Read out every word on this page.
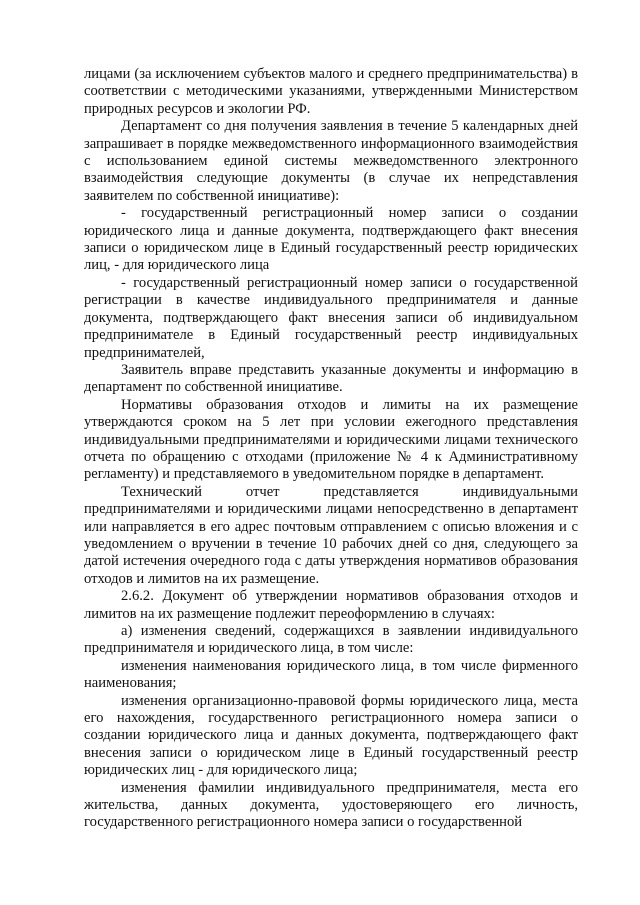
лицами (за исключением субъектов малого и среднего предпринимательства) в соответствии с методическими указаниями, утвержденными Министерством природных ресурсов и экологии РФ.

Департамент со дня получения заявления в течение 5 календарных дней запрашивает в порядке межведомственного информационного взаимодействия с использованием единой системы межведомственного электронного взаимодействия следующие документы (в случае их непредставления заявителем по собственной инициативе):

- государственный регистрационный номер записи о создании юридического лица и данные документа, подтверждающего факт внесения записи о юридическом лице в Единый государственный реестр юридических лиц, - для юридического лица

- государственный регистрационный номер записи о государственной регистрации в качестве индивидуального предпринимателя и данные документа, подтверждающего факт внесения записи об индивидуальном предпринимателе в Единый государственный реестр индивидуальных предпринимателей,

Заявитель вправе представить указанные документы и информацию в департамент по собственной инициативе.

Нормативы образования отходов и лимиты на их размещение утверждаются сроком на 5 лет при условии ежегодного представления индивидуальными предпринимателями и юридическими лицами технического отчета по обращению с отходами (приложение № 4 к Административному регламенту) и представляемого в уведомительном порядке в департамент.

Технический отчет представляется индивидуальными предпринимателями и юридическими лицами непосредственно в департамент или направляется в его адрес почтовым отправлением с описью вложения и с уведомлением о вручении в течение 10 рабочих дней со дня, следующего за датой истечения очередного года с даты утверждения нормативов образования отходов и лимитов на их размещение.

2.6.2. Документ об утверждении нормативов образования отходов и лимитов на их размещение подлежит переоформлению в случаях:

а) изменения сведений, содержащихся в заявлении индивидуального предпринимателя и юридического лица, в том числе:

изменения наименования юридического лица, в том числе фирменного наименования;

изменения организационно-правовой формы юридического лица, места его нахождения, государственного регистрационного номера записи о создании юридического лица и данных документа, подтверждающего факт внесения записи о юридическом лице в Единый государственный реестр юридических лиц - для юридического лица;

изменения фамилии индивидуального предпринимателя, места его жительства, данных документа, удостоверяющего его личность, государственного регистрационного номера записи о государственной
